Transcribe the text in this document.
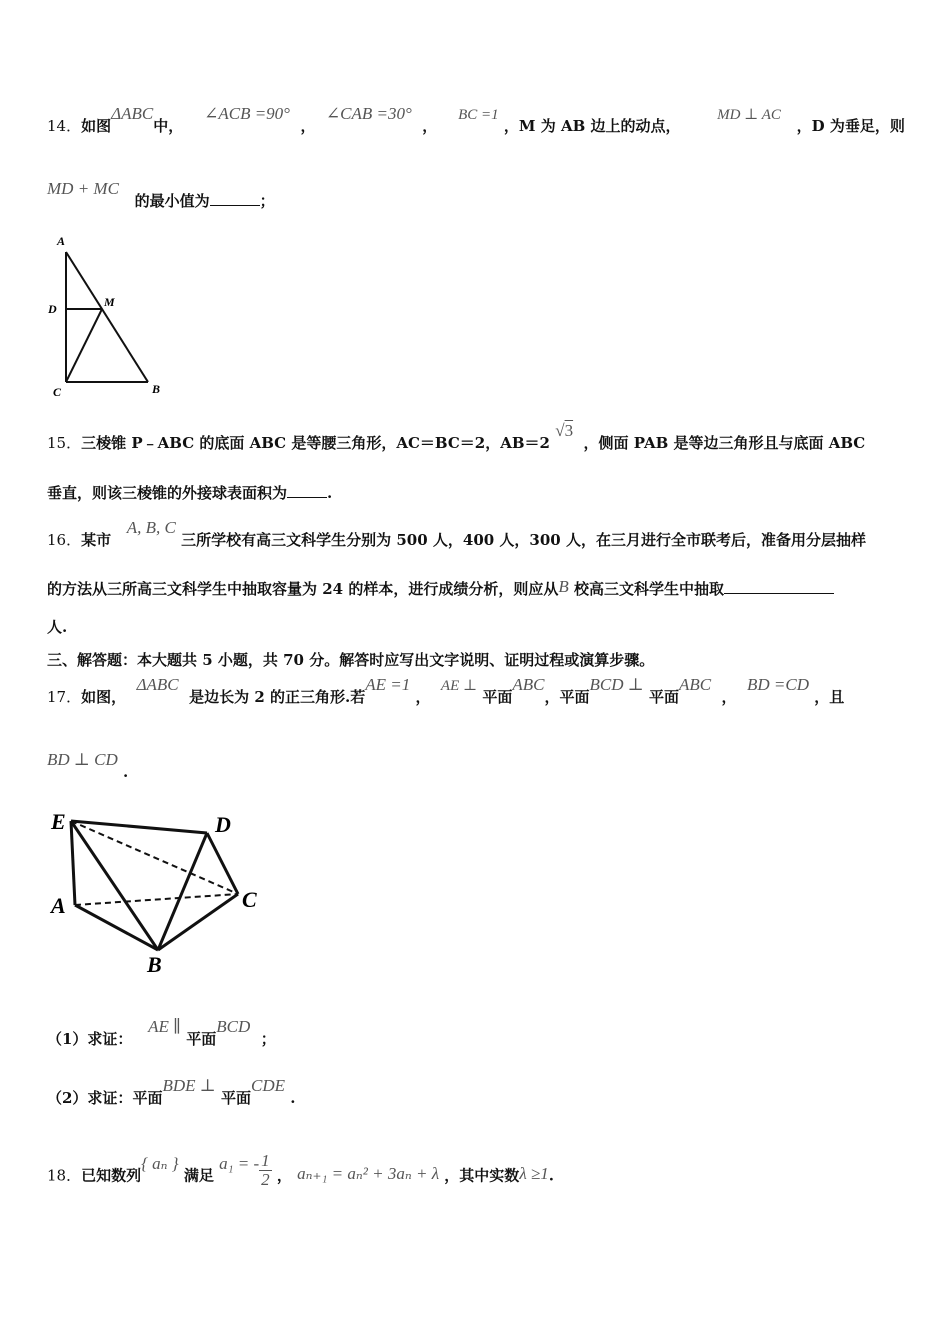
14．如图ΔABC中，    ∠ACB =90°  ，  ∠CAB =30°  ，    BC =1 ，M 为 AB 边上的动点，       MD ⊥ AC   ，D 为垂足，则
MD + MC   的最小值为	；
A
D	M
C	B
15．三棱锥 P﹣ABC 的底面 ABC 是等腰三角形，AC＝BC＝2，AB＝2 √3  ，侧面 PAB 是等边三角形且与底面 ABC
垂直，则该三棱锥的外接球表面积为	.
16．某市   A, B, C 三所学校有高三文科学生分别为 500 人，400 人，300 人，在三月进行全市联考后，准备用分层抽样
的方法从三所高三文科学生中抽取容量为 24 的样本，进行成绩分析，则应从B 校高三文科学生中抽取
人.
三、解答题：本大题共 5 小题，共 70 分。解答时应写出文字说明、证明过程或演算步骤。
17．如图，  ΔABC  是边长为 2 的正三角形.若AE =1 ，  AE ⊥ 平面ABC，平面BCD ⊥ 平面ABC  ，  BD =CD ，且
BD ⊥ CD .
E	D
A	C
B
（1）求证：   AE ∥ 平面BCD  ；
（2）求证：平面BDE ⊥ 平面CDE .
18．已知数列{ aₙ } 满足 a₁ = - $\frac{1}{2}$ ， aₙ₊₁ = aₙ² + 3aₙ + λ ，其中实数λ ≥1.
